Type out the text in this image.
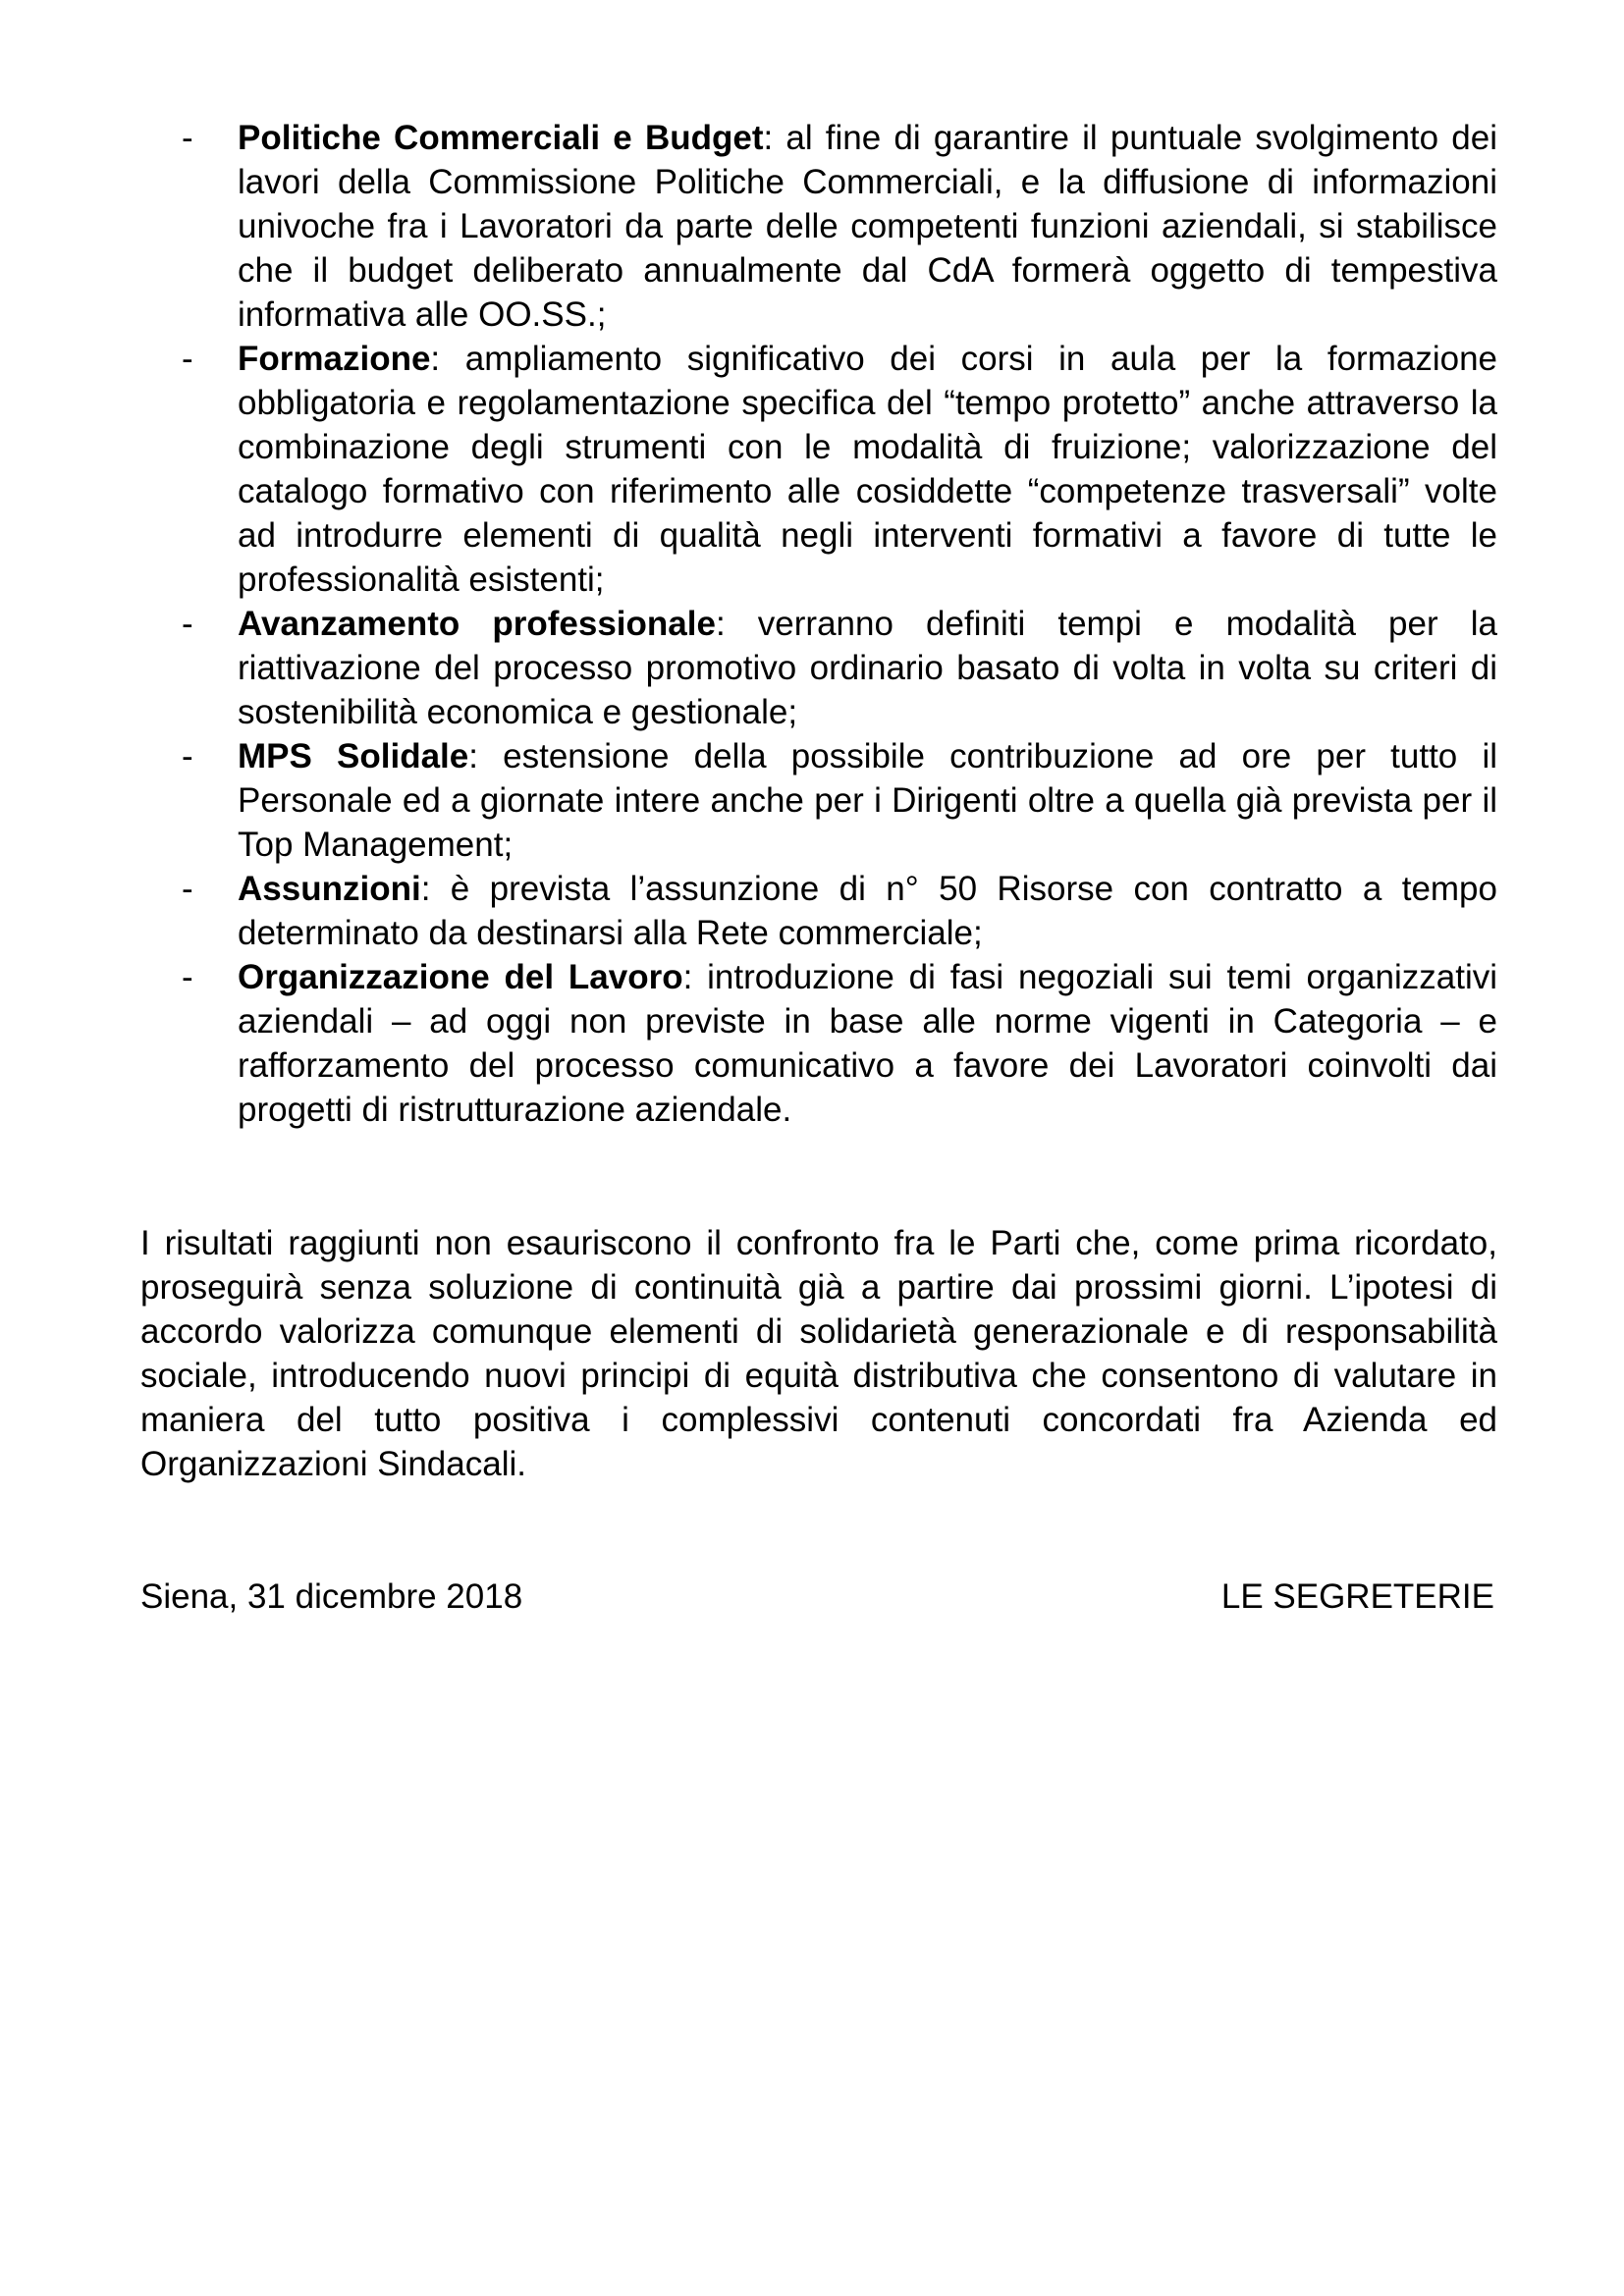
- Politiche Commerciali e Budget: al fine di garantire il puntuale svolgimento dei lavori della Commissione Politiche Commerciali, e la diffusione di informazioni univoche fra i Lavoratori da parte delle competenti funzioni aziendali, si stabilisce che il budget deliberato annualmente dal CdA formerà oggetto di tempestiva informativa alle OO.SS.;
- Formazione: ampliamento significativo dei corsi in aula per la formazione obbligatoria e regolamentazione specifica del “tempo protetto” anche attraverso la combinazione degli strumenti con le modalità di fruizione; valorizzazione del catalogo formativo con riferimento alle cosiddette “competenze trasversali” volte ad introdurre elementi di qualità negli interventi formativi a favore di tutte le professionalità esistenti;
- Avanzamento professionale: verranno definiti tempi e modalità per la riattivazione del processo promotivo ordinario basato di volta in volta su criteri di sostenibilità economica e gestionale;
- MPS Solidale: estensione della possibile contribuzione ad ore per tutto il Personale ed a giornate intere anche per i Dirigenti oltre a quella già prevista per il Top Management;
- Assunzioni: è prevista l’assunzione di n° 50 Risorse con contratto a tempo determinato da destinarsi alla Rete commerciale;
- Organizzazione del Lavoro: introduzione di fasi negoziali sui temi organizzativi aziendali – ad oggi non previste in base alle norme vigenti in Categoria – e rafforzamento del processo comunicativo a favore dei Lavoratori coinvolti dai progetti di ristrutturazione aziendale.

I risultati raggiunti non esauriscono il confronto fra le Parti che, come prima ricordato, proseguirà senza soluzione di continuità già a partire dai prossimi giorni. L’ipotesi di accordo valorizza comunque elementi di solidarietà generazionale e di responsabilità sociale, introducendo nuovi principi di equità distributiva che consentono di valutare in maniera del tutto positiva i complessivi contenuti concordati fra Azienda ed Organizzazioni Sindacali.

Siena, 31 dicembre 2018	LE SEGRETERIE
